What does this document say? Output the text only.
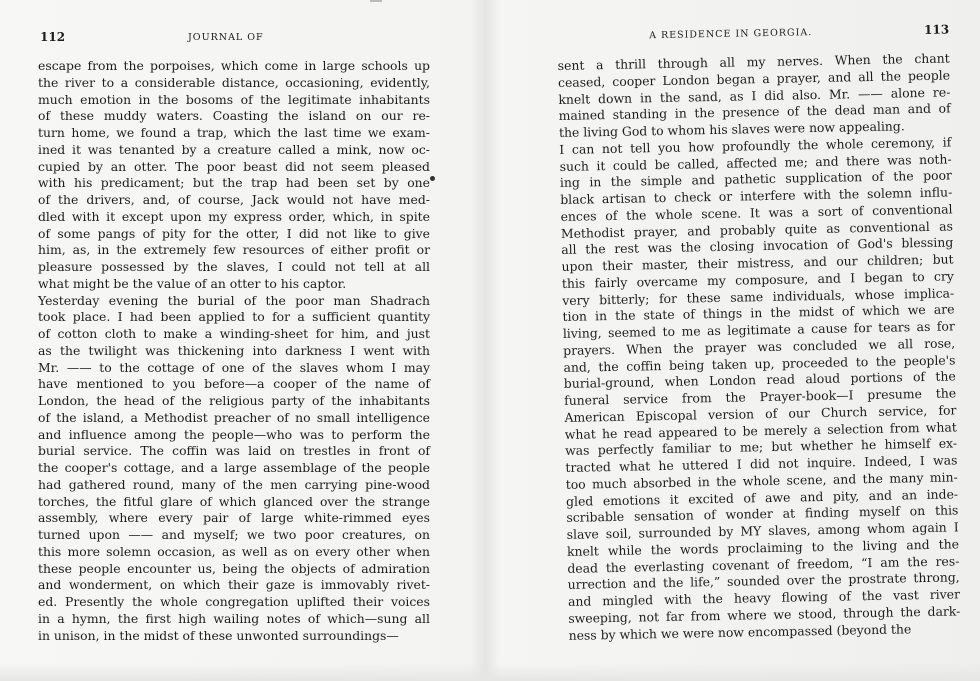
112	JOURNAL OF
escape from the porpoises, which come in large schools up
the river to a considerable distance, occasioning, evidently,
much emotion in the bosoms of the legitimate inhabitants
of these muddy waters. Coasting the island on our re-
turn home, we found a trap, which the last time we exam-
ined it was tenanted by a creature called a mink, now oc-
cupied by an otter. The poor beast did not seem pleased
with his predicament; but the trap had been set by one
of the drivers, and, of course, Jack would not have med-
dled with it except upon my express order, which, in spite
of some pangs of pity for the otter, I did not like to give
him, as, in the extremely few resources of either profit or
pleasure possessed by the slaves, I could not tell at all
what might be the value of an otter to his captor.
Yesterday evening the burial of the poor man Shadrach
took place. I had been applied to for a sufficient quantity
of cotton cloth to make a winding-sheet for him, and just
as the twilight was thickening into darkness I went with
Mr. —— to the cottage of one of the slaves whom I may
have mentioned to you before—a cooper of the name of
London, the head of the religious party of the inhabitants
of the island, a Methodist preacher of no small intelligence
and influence among the people—who was to perform the
burial service. The coffin was laid on trestles in front of
the cooper's cottage, and a large assemblage of the people
had gathered round, many of the men carrying pine-wood
torches, the fitful glare of which glanced over the strange
assembly, where every pair of large white-rimmed eyes
turned upon —— and myself; we two poor creatures, on
this more solemn occasion, as well as on every other when
these people encounter us, being the objects of admiration
and wonderment, on which their gaze is immovably rivet-
ed. Presently the whole congregation uplifted their voices
in a hymn, the first high wailing notes of which—sung all
in unison, in the midst of these unwonted surroundings—
A RESIDENCE IN GEORGIA.	113
sent a thrill through all my nerves. When the chant
ceased, cooper London began a prayer, and all the people
knelt down in the sand, as I did also. Mr. —— alone re-
mained standing in the presence of the dead man and of
the living God to whom his slaves were now appealing.
I can not tell you how profoundly the whole ceremony, if
such it could be called, affected me; and there was noth-
ing in the simple and pathetic supplication of the poor
black artisan to check or interfere with the solemn influ-
ences of the whole scene. It was a sort of conventional
Methodist prayer, and probably quite as conventional as
all the rest was the closing invocation of God's blessing
upon their master, their mistress, and our children; but
this fairly overcame my composure, and I began to cry
very bitterly; for these same individuals, whose implica-
tion in the state of things in the midst of which we are
living, seemed to me as legitimate a cause for tears as for
prayers. When the prayer was concluded we all rose,
and, the coffin being taken up, proceeded to the people's
burial-ground, when London read aloud portions of the
funeral service from the Prayer-book—I presume the
American Episcopal version of our Church service, for
what he read appeared to be merely a selection from what
was perfectly familiar to me; but whether he himself ex-
tracted what he uttered I did not inquire. Indeed, I was
too much absorbed in the whole scene, and the many min-
gled emotions it excited of awe and pity, and an inde-
scribable sensation of wonder at finding myself on this
slave soil, surrounded by MY slaves, among whom again I
knelt while the words proclaiming to the living and the
dead the everlasting covenant of freedom, “I am the res-
urrection and the life,” sounded over the prostrate throng,
and mingled with the heavy flowing of the vast river
sweeping, not far from where we stood, through the dark-
ness by which we were now encompassed (beyond the
